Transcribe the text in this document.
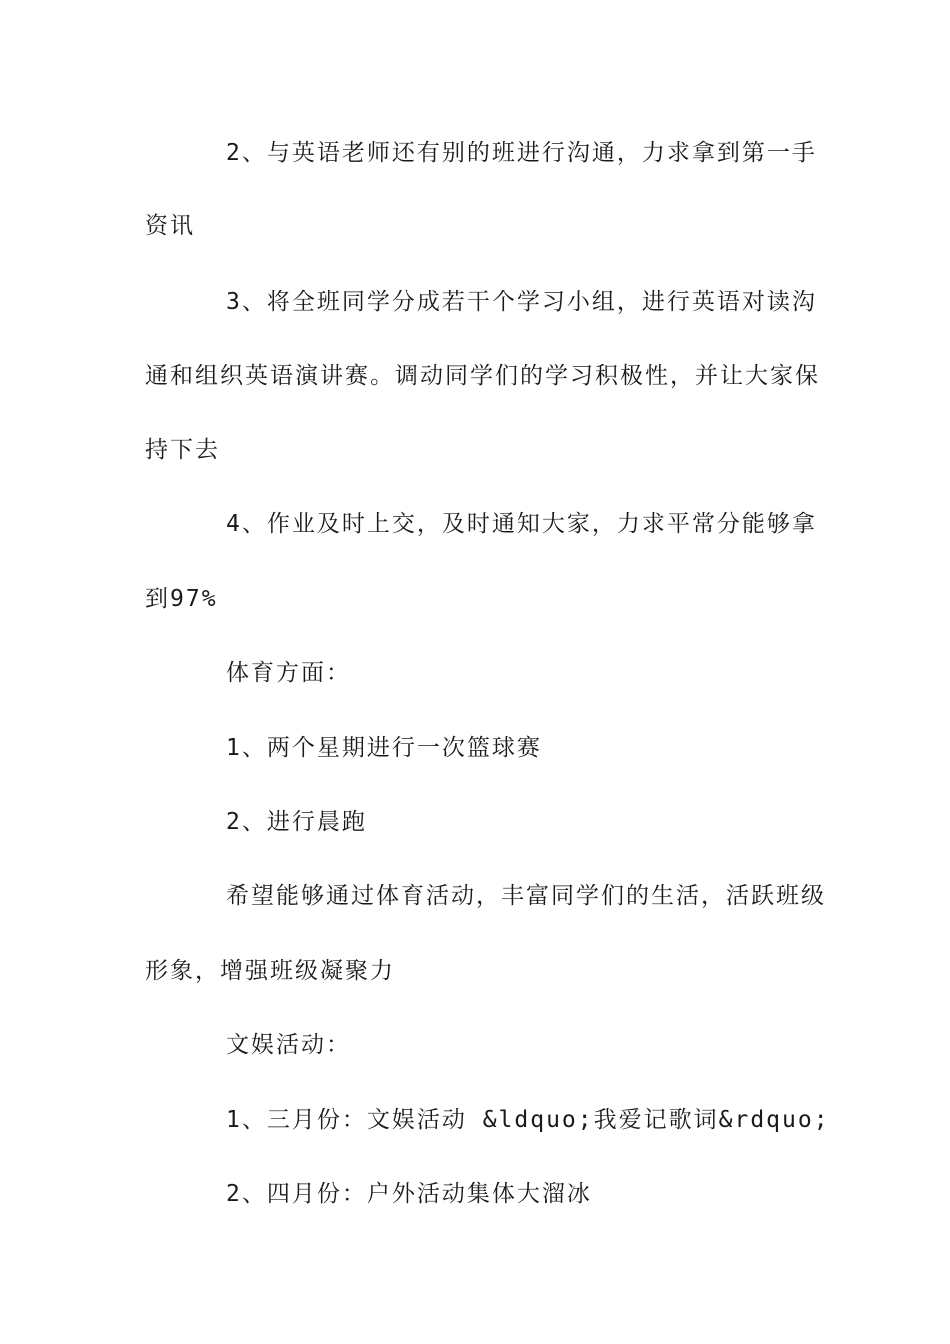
2、与英语老师还有别的班进行沟通，力求拿到第一手
资讯
3、将全班同学分成若干个学习小组，进行英语对读沟
通和组织英语演讲赛。调动同学们的学习积极性，并让大家保
持下去
4、作业及时上交，及时通知大家，力求平常分能够拿
到97%
体育方面：
1、两个星期进行一次篮球赛
2、进行晨跑
希望能够通过体育活动，丰富同学们的生活，活跃班级
形象，增强班级凝聚力
文娱活动：
1、三月份：文娱活动 &ldquo;我爱记歌词&rdquo;
2、四月份：户外活动集体大溜冰
